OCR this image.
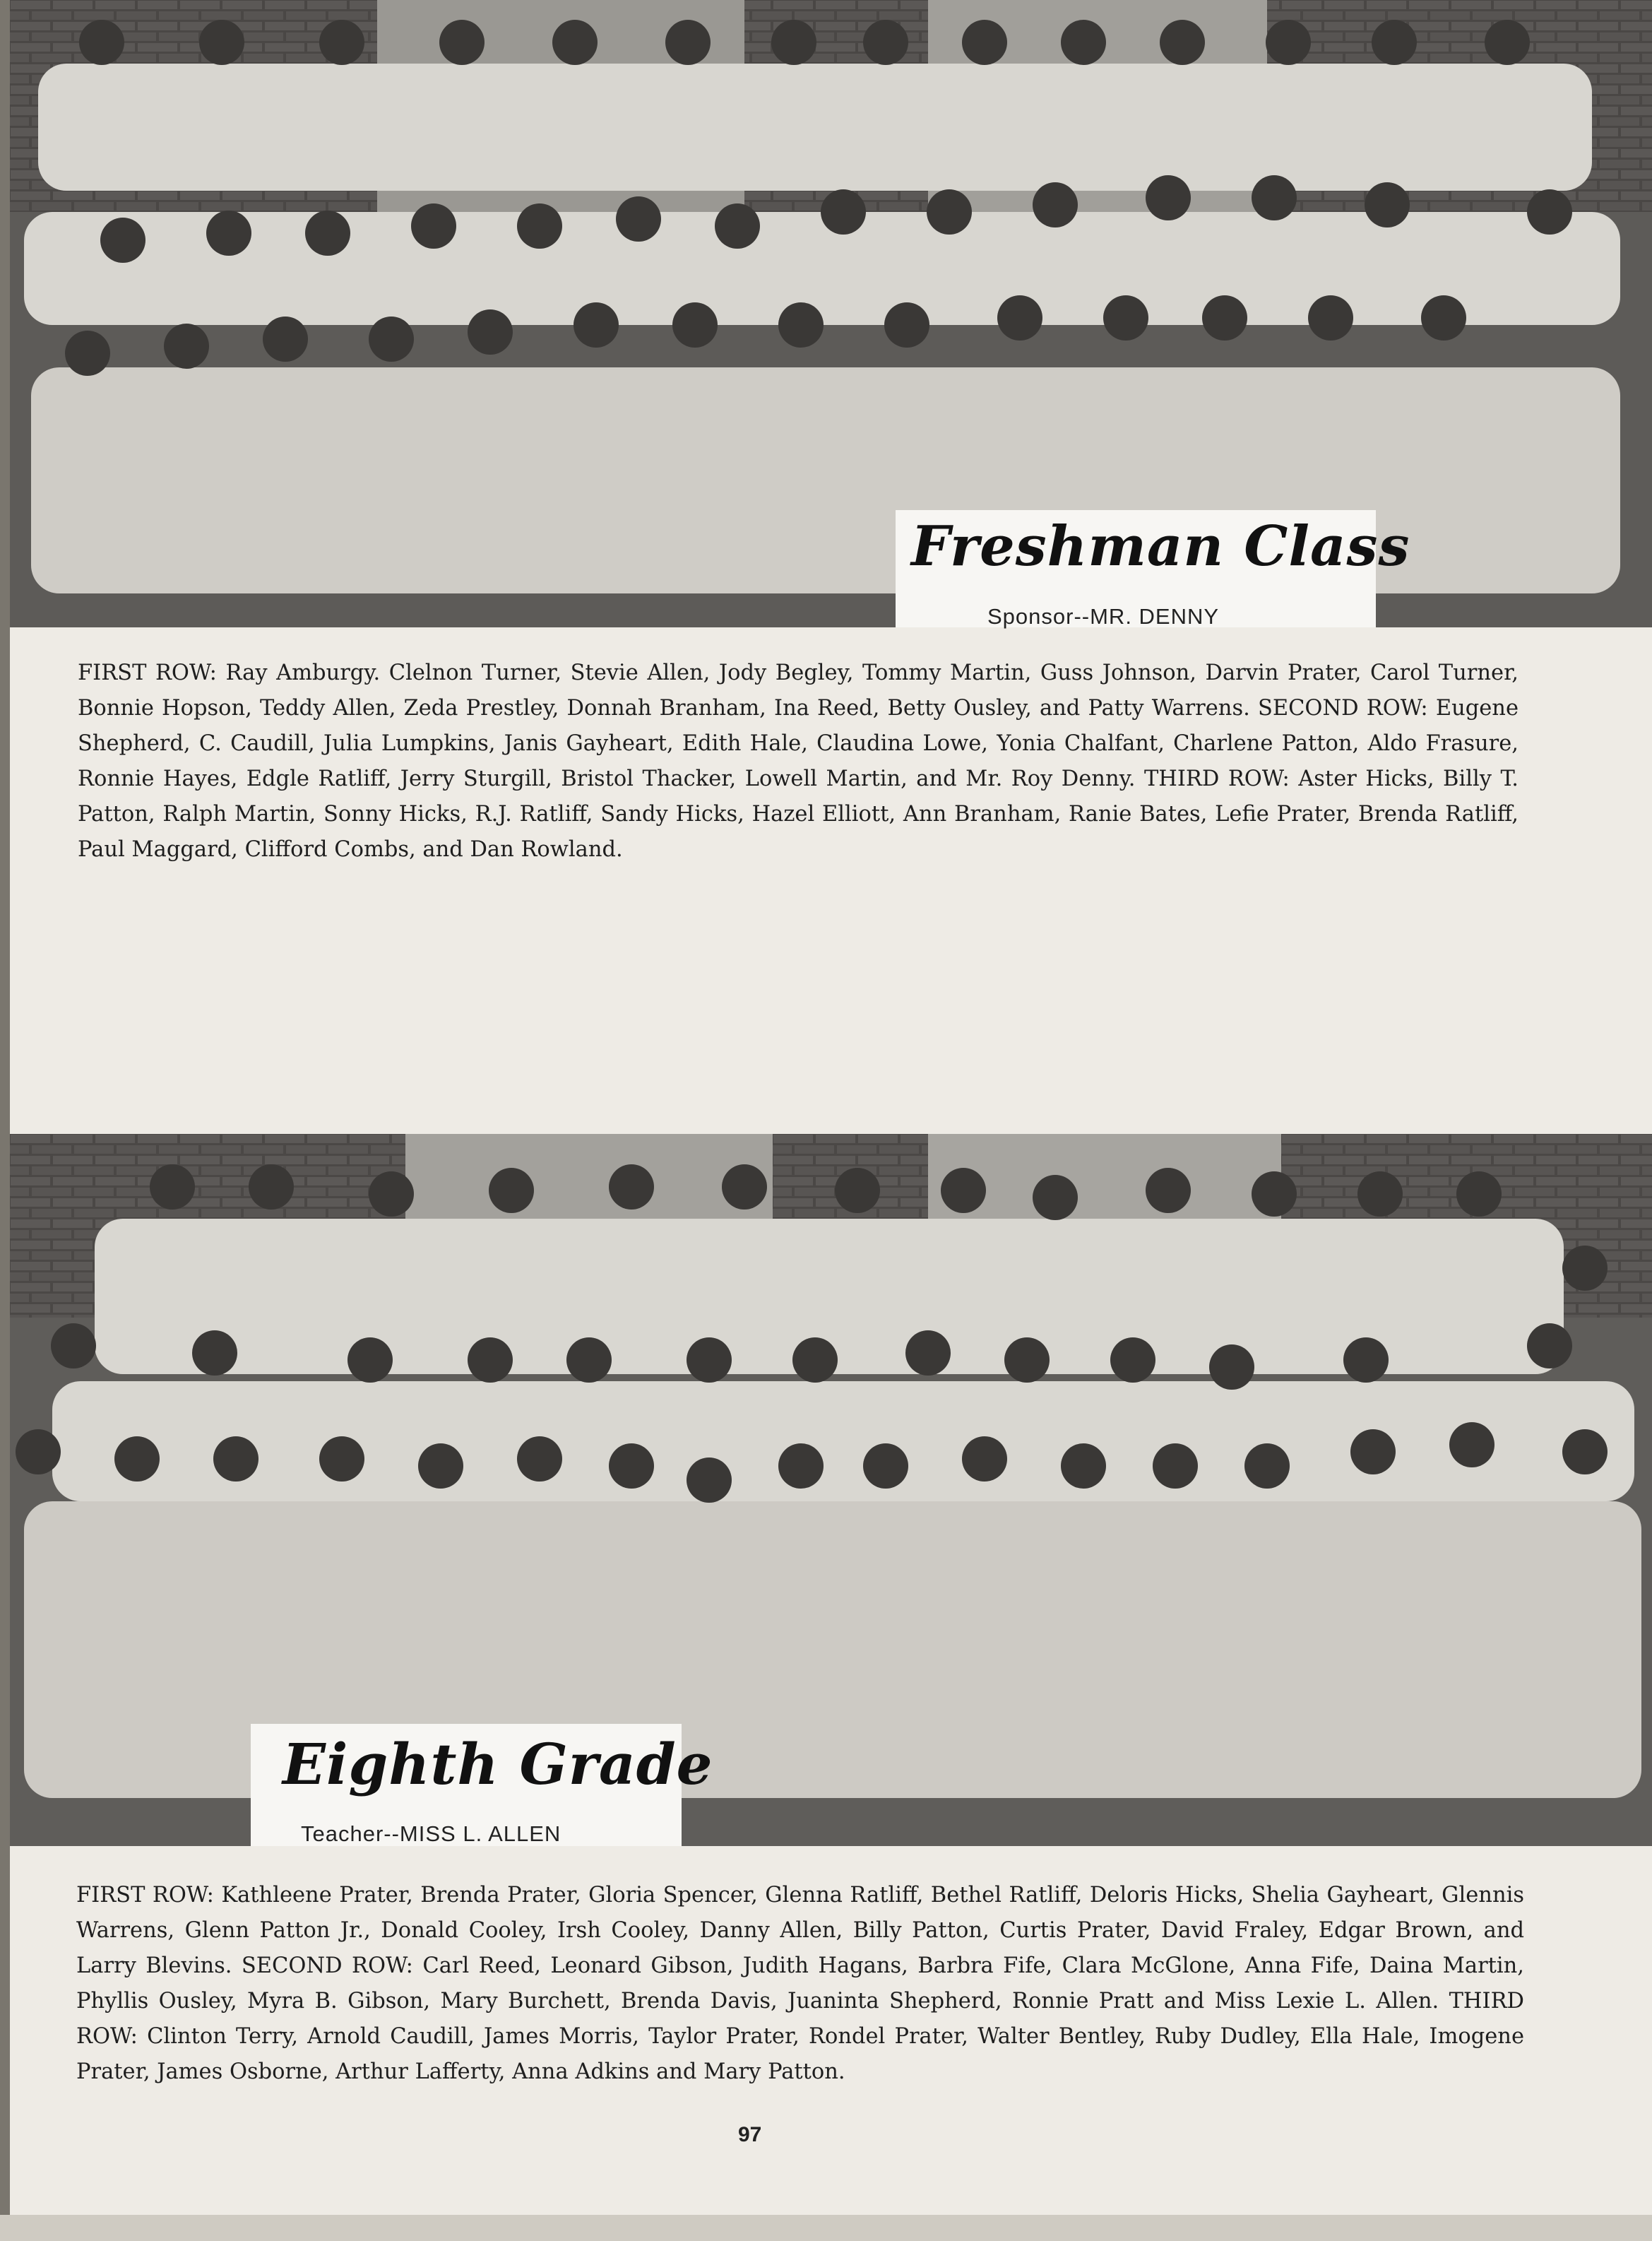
Freshman Class
Sponsor--MR. DENNY

FIRST ROW: Ray Amburgy. Clelnon Turner, Stevie Allen, Jody Begley, Tommy Martin, Guss Johnson, Darvin Prater, Carol Turner, Bonnie Hopson, Teddy Allen, Zeda Prestley, Donnah Branham, Ina Reed, Betty Ousley, and Patty Warrens. SECOND ROW: Eugene Shepherd, C. Caudill, Julia Lumpkins, Janis Gayheart, Edith Hale, Claudina Lowe, Yonia Chalfant, Charlene Patton, Aldo Frasure, Ronnie Hayes, Edgle Ratliff, Jerry Sturgill, Bristol Thacker, Lowell Martin, and Mr. Roy Denny. THIRD ROW: Aster Hicks, Billy T. Patton, Ralph Martin, Sonny Hicks, R.J. Ratliff, Sandy Hicks, Hazel Elliott, Ann Branham, Ranie Bates, Lefie Prater, Brenda Ratliff, Paul Maggard, Clifford Combs, and Dan Rowland.

Eighth Grade
Teacher--MISS L. ALLEN

FIRST ROW: Kathleene Prater, Brenda Prater, Gloria Spencer, Glenna Ratliff, Bethel Ratliff, Deloris Hicks, Shelia Gayheart, Glennis Warrens, Glenn Patton Jr., Donald Cooley, Irsh Cooley, Danny Allen, Billy Patton, Curtis Prater, David Fraley, Edgar Brown, and Larry Blevins. SECOND ROW: Carl Reed, Leonard Gibson, Judith Hagans, Barbra Fife, Clara McGlone, Anna Fife, Daina Martin, Phyllis Ousley, Myra B. Gibson, Mary Burchett, Brenda Davis, Juaninta Shepherd, Ronnie Pratt and Miss Lexie L. Allen. THIRD ROW: Clinton Terry, Arnold Caudill, James Morris, Taylor Prater, Rondel Prater, Walter Bentley, Ruby Dudley, Ella Hale, Imogene Prater, James Osborne, Arthur Lafferty, Anna Adkins and Mary Patton.

97
